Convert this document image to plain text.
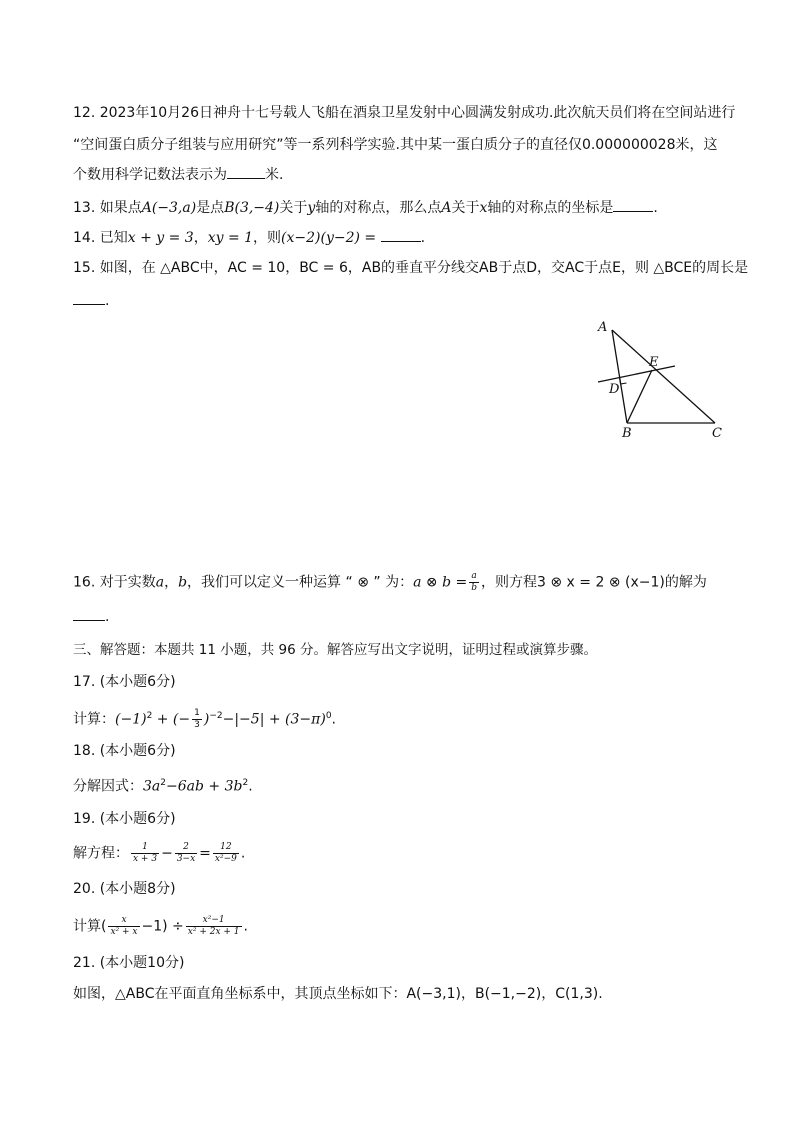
12. 2023年10月26日神舟十七号载人飞船在酒泉卫星发射中心圆满发射成功.此次航天员们将在空间站进行
“空间蛋白质分子组装与应用研究”等一系列科学实验.其中某一蛋白质分子的直径仅0.000000028米，这
个数用科学记数法表示为	米.
13. 如果点A(−3,a)是点B(3,−4)关于y轴的对称点，那么点A关于x轴的对称点的坐标是	.
14. 已知x + y = 3，xy = 1，则(x−2)(y−2) =	.
15. 如图，在 △ABC中，AC = 10，BC = 6，AB的垂直平分线交AB于点D，交AC于点E，则 △BCE的周长是
.
A
B	C
D
E
16. 对于实数a，b，我们可以定义一种运算 “ ⊗ ” 为：a ⊗ $b = \frac{a}{b}$ ，则方程3 ⊗ x = 2 ⊗ (x−1)的解为
.
三、解答题：本题共 11 小题，共 96 分。解答应写出文字说明，证明过程或演算步骤。
17. (本小题6分)
计算：$(-1)^2$ + (− $\frac{1}{3} )^{-2}-|-5| + (3-\pi)^0$.
18. (本小题6分)
分解因式：$3a^2-6ab + 3b^2$.
19. (本小题6分)
解方程： $\frac{1}{x + 3} - \frac{2}{3-x} = \frac{12}{\text{x²−9}}$ .
20. (本小题8分)
计算( $\frac{x}{\text{x² + x}} -1) \div \frac{\text{x²−1}}{\text{x² + 2x + 1}}$ .
21. (本小题10分)
如图，△ABC在平面直角坐标系中，其顶点坐标如下：A(−3,1)，B(−1,−2)，C(1,3).
